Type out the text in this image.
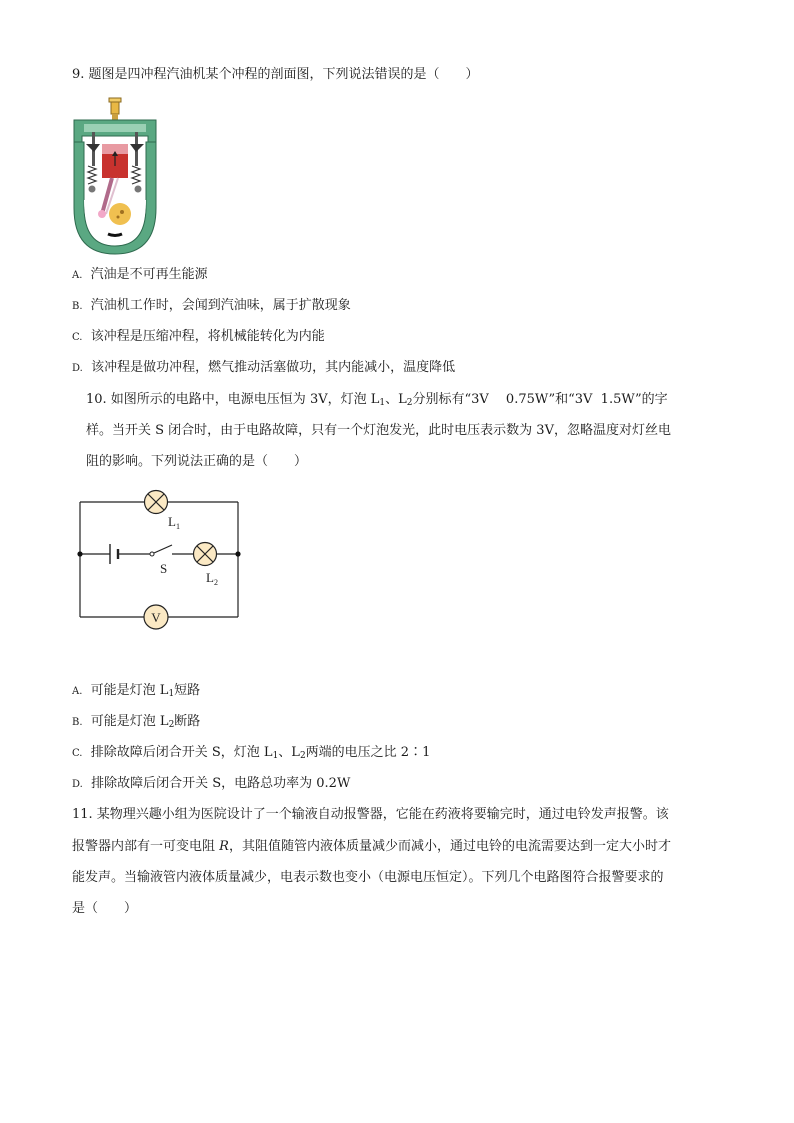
9. 题图是四冲程汽油机某个冲程的剖面图，下列说法错误的是（　　）
A. 汽油是不可再生能源
B. 汽油机工作时，会闻到汽油味，属于扩散现象
C. 该冲程是压缩冲程，将机械能转化为内能
D. 该冲程是做功冲程，燃气推动活塞做功，其内能减小，温度降低
10. 如图所示的电路中，电源电压恒为 3V，灯泡 $L_1$、$L_2$分别标有“3V  0.75W”和“3V  1.5W”的字
样。当开关 S 闭合时，由于电路故障，只有一个灯泡发光，此时电压表示数为 3V，忽略温度对灯丝电
阻的影响。下列说法正确的是（　　）
V
$L_1$
S
$L_2$
A. 可能是灯泡 $L_1$短路
B. 可能是灯泡 $L_2$断路
C. 排除故障后闭合开关 S，灯泡 $L_1$、$L_2$两端的电压之比 2∶1
D. 排除故障后闭合开关 S，电路总功率为 0.2W
11. 某物理兴趣小组为医院设计了一个输液自动报警器，它能在药液将要输完时，通过电铃发声报警。该
报警器内部有一可变电阻 R，其阻值随管内液体质量减少而减小，通过电铃的电流需要达到一定大小时才
能发声。当输液管内液体质量减少，电表示数也变小（电源电压恒定）。下列几个电路图符合报警要求的
是（　　）
